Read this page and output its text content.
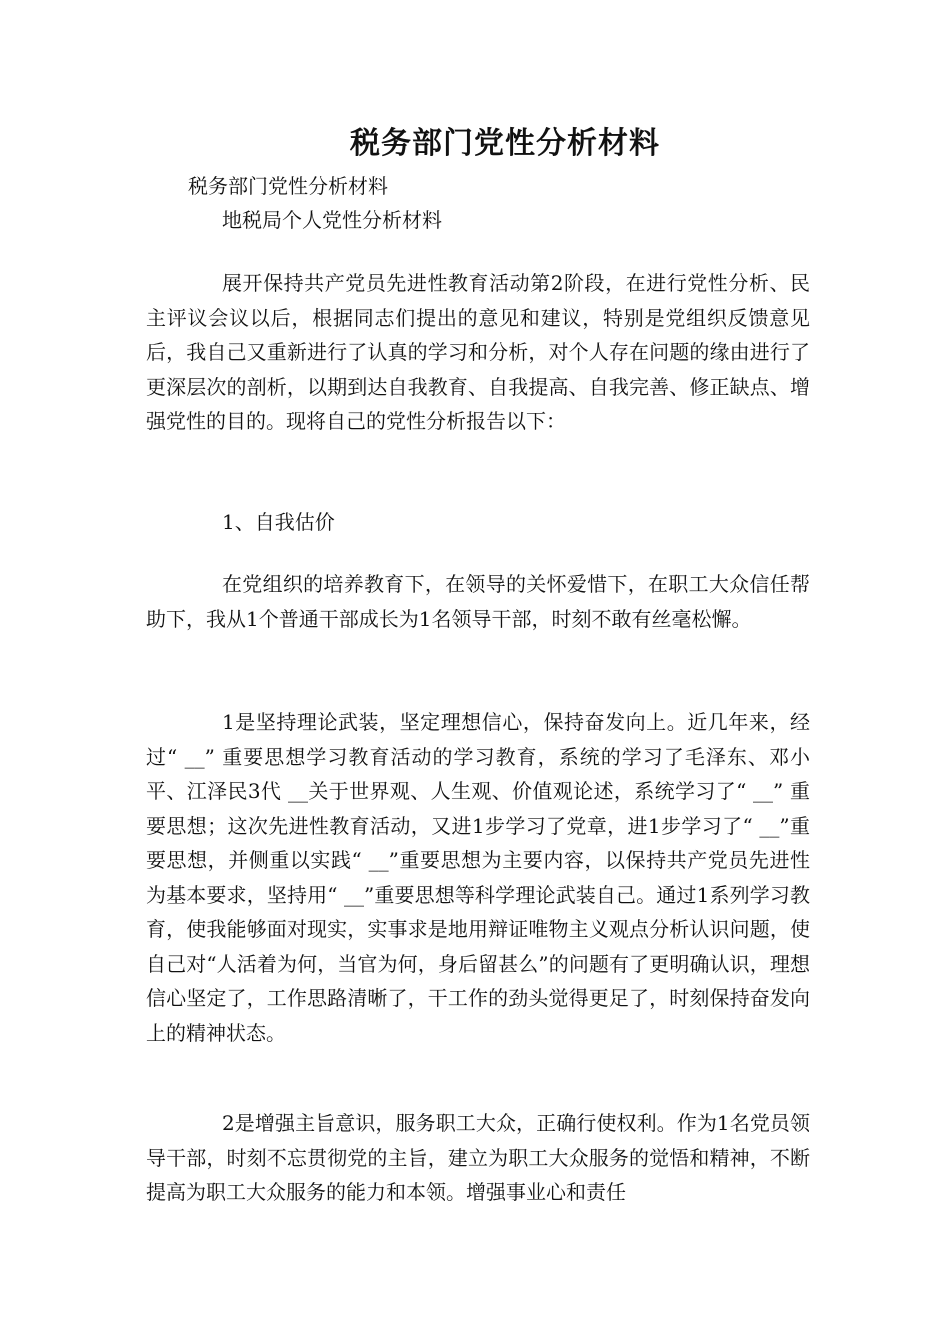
税务部门党性分析材料
税务部门党性分析材料
地税局个人党性分析材料

展开保持共产党员先进性教育活动第2阶段，在进行党性分析、民主评议会议以后，根据同志们提出的意见和建议，特别是党组织反馈意见后，我自己又重新进行了认真的学习和分析，对个人存在问题的缘由进行了更深层次的剖析，以期到达自我教育、自我提高、自我完善、修正缺点、增强党性的目的。现将自己的党性分析报告以下：

1、自我估价

在党组织的培养教育下，在领导的关怀爱惜下，在职工大众信任帮助下，我从1个普通干部成长为1名领导干部，时刻不敢有丝毫松懈。

1是坚持理论武装，坚定理想信心，保持奋发向上。近几年来，经过“ __” 重要思想学习教育活动的学习教育，系统的学习了毛泽东、邓小平、江泽民3代 __关于世界观、人生观、价值观论述，系统学习了“ __” 重要思想；这次先进性教育活动，又进1步学习了党章，进1步学习了“ __”重要思想，并侧重以实践“ __”重要思想为主要内容，以保持共产党员先进性为基本要求，坚持用“ __”重要思想等科学理论武装自己。通过1系列学习教育，使我能够面对现实，实事求是地用辩证唯物主义观点分析认识问题，使自己对“人活着为何，当官为何，身后留甚么”的问题有了更明确认识，理想信心坚定了，工作思路清晰了，干工作的劲头觉得更足了，时刻保持奋发向上的精神状态。

2是增强主旨意识，服务职工大众，正确行使权利。作为1名党员领导干部，时刻不忘贯彻党的主旨，建立为职工大众服务的觉悟和精神，不断提高为职工大众服务的能力和本领。增强事业心和责任
